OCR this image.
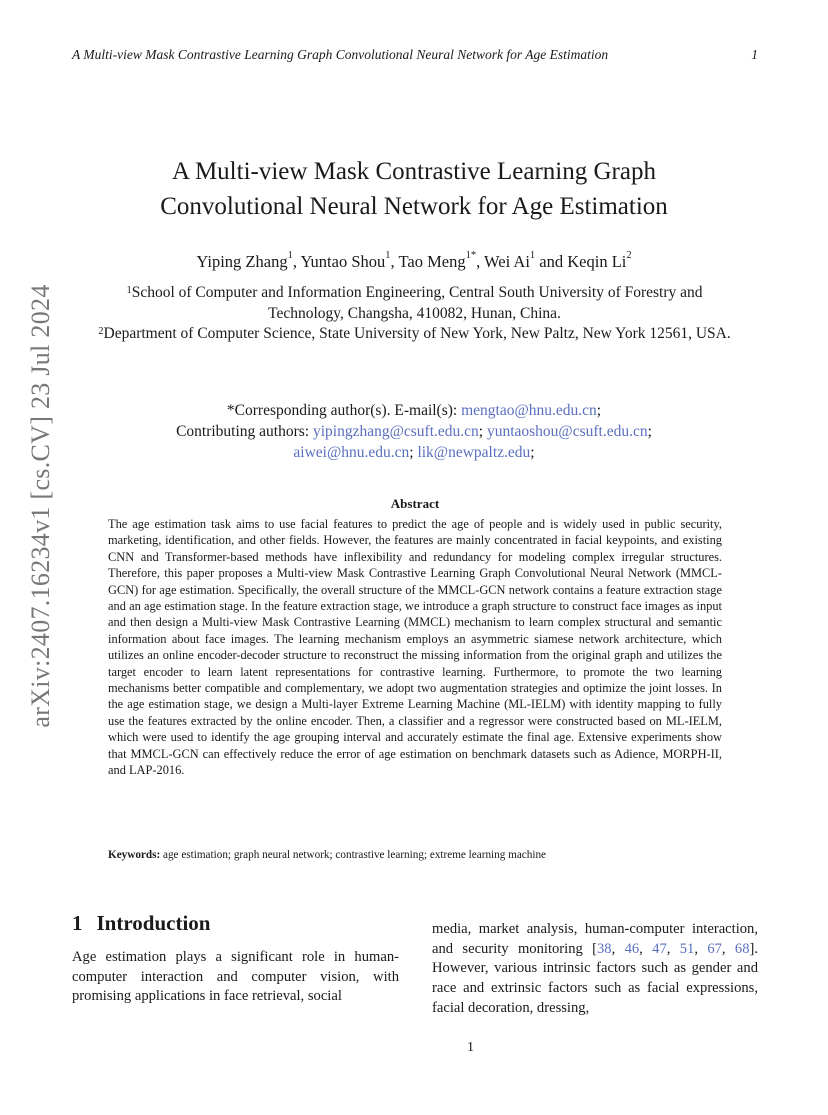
A Multi-view Mask Contrastive Learning Graph Convolutional Neural Network for Age Estimation	1
arXiv:2407.16234v1 [cs.CV] 23 Jul 2024
A Multi-view Mask Contrastive Learning Graph
Convolutional Neural Network for Age Estimation
Yiping Zhang$^1$, Yuntao Shou$^1$, Tao Meng$^{1*}$, Wei Ai$^1$ and Keqin Li$^2$
$^1$School of Computer and Information Engineering, Central South University of Forestry and Technology, Changsha, 410082, Hunan, China.
$^2$Department of Computer Science, State University of New York, New Paltz, New York 12561, USA.
*Corresponding author(s). E-mail(s): mengtao@hnu.edu.cn;
Contributing authors: yipingzhang@csuft.edu.cn; yuntaoshou@csuft.edu.cn;
aiwei@hnu.edu.cn; lik@newpaltz.edu;
Abstract
The age estimation task aims to use facial features to predict the age of people and is widely used in public security, marketing, identification, and other fields. However, the features are mainly concentrated in facial keypoints, and existing CNN and Transformer-based methods have inflexibility and redundancy for modeling complex irregular structures. Therefore, this paper proposes a Multi-view Mask Contrastive Learning Graph Convolutional Neural Network (MMCL-GCN) for age estimation. Specifically, the overall structure of the MMCL-GCN network contains a feature extraction stage and an age estimation stage. In the feature extraction stage, we introduce a graph structure to construct face images as input and then design a Multi-view Mask Contrastive Learning (MMCL) mechanism to learn complex structural and semantic information about face images. The learning mechanism employs an asymmetric siamese network architecture, which utilizes an online encoder-decoder structure to reconstruct the missing information from the original graph and utilizes the target encoder to learn latent representations for contrastive learning. Furthermore, to promote the two learning mechanisms better compatible and complementary, we adopt two augmentation strategies and optimize the joint losses. In the age estimation stage, we design a Multi-layer Extreme Learning Machine (ML-IELM) with identity mapping to fully use the features extracted by the online encoder. Then, a classifier and a regressor were constructed based on ML-IELM, which were used to identify the age grouping interval and accurately estimate the final age. Extensive experiments show that MMCL-GCN can effectively reduce the error of age estimation on benchmark datasets such as Adience, MORPH-II, and LAP-2016.
Keywords: age estimation; graph neural network; contrastive learning; extreme learning machine
1 Introduction
Age estimation plays a significant role in human-computer interaction and computer vision, with promising applications in face retrieval, social
media, market analysis, human-computer interaction, and security monitoring [38, 46, 47, 51, 67, 68]. However, various intrinsic factors such as gender and race and extrinsic factors such as facial expressions, facial decoration, dressing,
1
